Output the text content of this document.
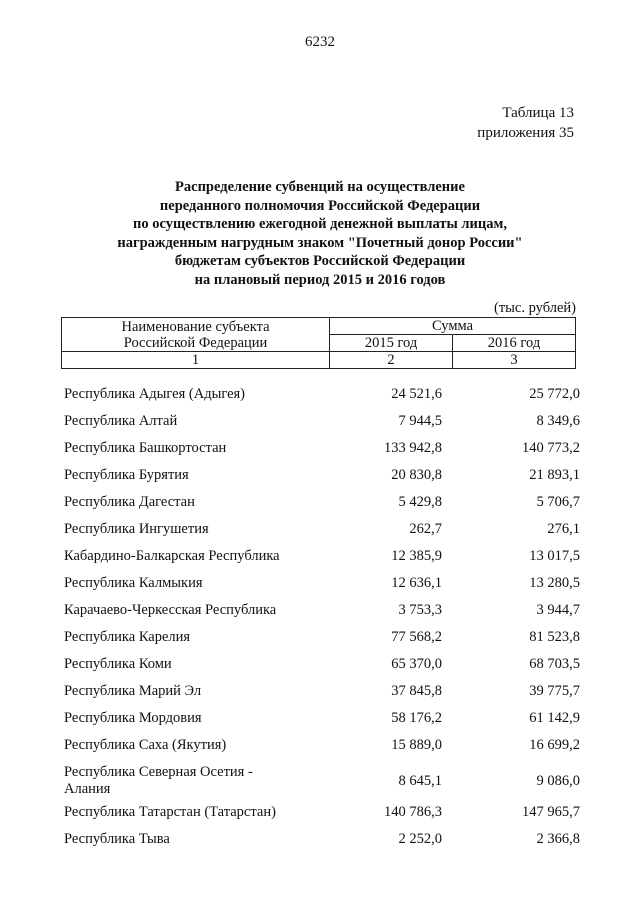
6232
Таблица 13
приложения 35
Распределение субвенций на осуществление
переданного полномочия Российской Федерации
по осуществлению ежегодной денежной выплаты лицам,
награжденным нагрудным знаком "Почетный донор России"
бюджетам субъектов Российской Федерации
на плановый период 2015 и 2016 годов
(тыс. рублей)
Наименование субъекта
Российской Федерации	Сумма	
	2015 год	2016 год
1	2	3
Республика Адыгея (Адыгея)	24 521,6	25 772,0
Республика Алтай	7 944,5	8 349,6
Республика Башкортостан	133 942,8	140 773,2
Республика Бурятия	20 830,8	21 893,1
Республика Дагестан	5 429,8	5 706,7
Республика Ингушетия	262,7	276,1
Кабардино-Балкарская Республика	12 385,9	13 017,5
Республика Калмыкия	12 636,1	13 280,5
Карачаево-Черкесская Республика	3 753,3	3 944,7
Республика Карелия	77 568,2	81 523,8
Республика Коми	65 370,0	68 703,5
Республика Марий Эл	37 845,8	39 775,7
Республика Мордовия	58 176,2	61 142,9
Республика Саха (Якутия)	15 889,0	16 699,2
Республика Северная Осетия - Алания	8 645,1	9 086,0
Республика Татарстан (Татарстан)	140 786,3	147 965,7
Республика Тыва	2 252,0	2 366,8
